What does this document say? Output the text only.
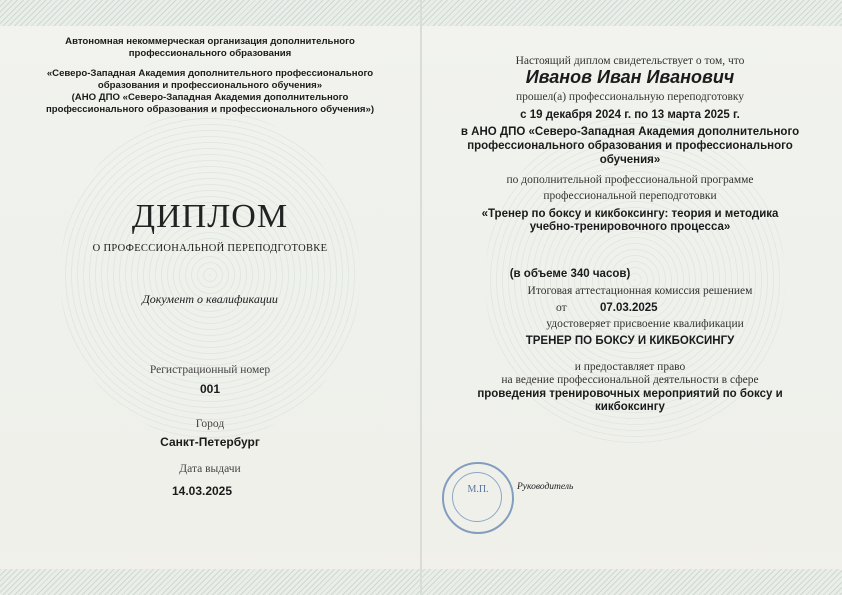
Автономная некоммерческая организация дополнительного
профессионального образования
«Северо-Западная Академия дополнительного профессионального
образования и профессионального обучения»
(АНО ДПО «Северо-Западная Академия дополнительного
профессионального образования и профессионального обучения»)
ДИПЛОМ
О ПРОФЕССИОНАЛЬНОЙ ПЕРЕПОДГОТОВКЕ
Документ о квалификации
Регистрационный номер
001
Город
Санкт-Петербург
Дата выдачи
14.03.2025
Настоящий диплом свидетельствует о том, что
Иванов Иван Иванович
прошел(а) профессиональную переподготовку
с 19 декабря 2024 г. по 13 марта 2025 г.
в АНО ДПО «Северо-Западная Академия дополнительного
профессионального образования и профессионального
обучения»
по дополнительной профессиональной программе
профессиональной переподготовки
«Тренер по боксу и кикбоксингу: теория и методика
учебно-тренировочного процесса»
(в объеме 340 часов)
Итоговая аттестационная комиссия решением
от	07.03.2025
удостоверяет присвоение квалификации
ТРЕНЕР ПО БОКСУ И КИКБОКСИНГУ
и предоставляет право
на ведение профессиональной деятельности в сфере
проведения тренировочных мероприятий по боксу и
кикбоксингу
М.П.	Руководитель
